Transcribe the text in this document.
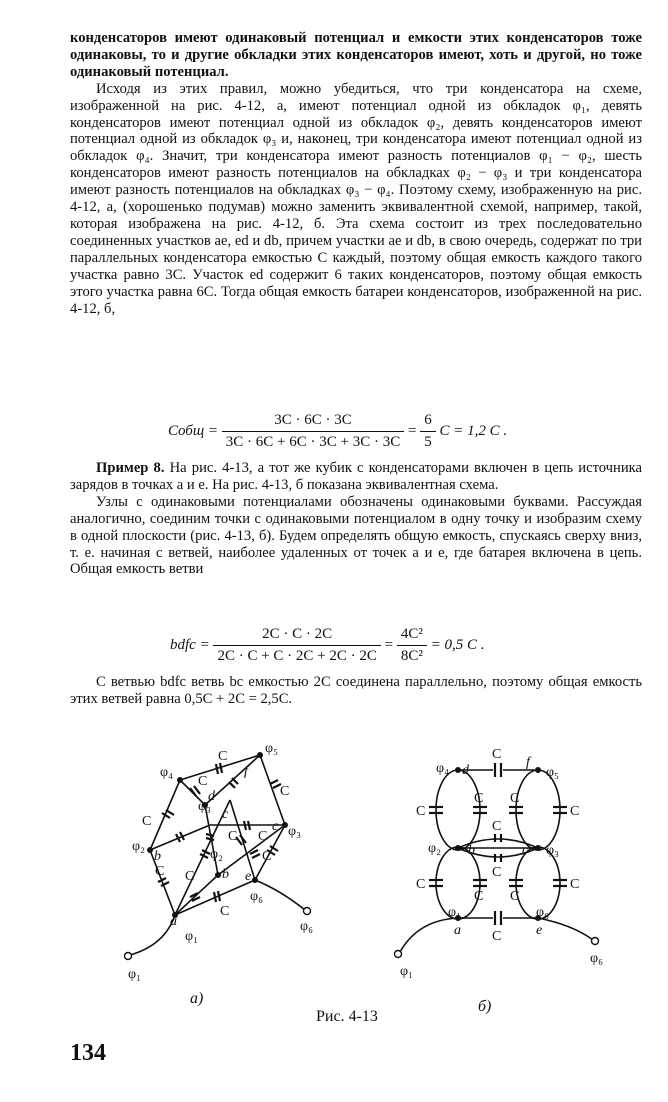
конденсаторов имеют одинаковый потенциал и емкости этих конденсаторов тоже одинаковы, то и другие обкладки этих конденсаторов имеют, хоть и другой, но тоже одинаковый потенциал.

Исходя из этих правил, можно убедиться, что три конденсатора на схеме, изображенной на рис. 4-12, а, имеют потенциал одной из обкладок φ₁, девять конденсаторов имеют потенциал одной из обкладок φ₂, девять конденсаторов имеют потенциал одной из обкладок φ₃ и, наконец, три конденсатора имеют потенциал одной из обкладок φ₄. Значит, три конденсатора имеют разность потенциалов φ₁ − φ₂, шесть конденсаторов имеют разность потенциалов на обкладках φ₂ − φ₃ и три конденсатора имеют разность потенциалов на обкладках φ₃ − φ₄. Поэтому схему, изображенную на рис. 4-12, а, (хорошенько подумав) можно заменить эквивалентной схемой, например, такой, которая изображена на рис. 4-12, б. Эта схема состоит из трех последовательно соединенных участков ae, ed и db, причем участки ae и db, в свою очередь, содержат по три параллельных конденсатора емкостью C каждый, поэтому общая емкость каждого такого участка равно 3C. Участок ed содержит 6 таких конденсаторов, поэтому общая емкость этого участка равна 6C. Тогда общая емкость батареи конденсаторов, изображенной на рис. 4-12, б,

Cобщ = $\frac{3C \cdot 6C \cdot 3C}{3C \cdot 6C + 6C \cdot 3C + 3C \cdot 3C} = \frac{6}{5}$ C = 1,2 C .

Пример 8. На рис. 4-13, а тот же кубик с конденсаторами включен в цепь источника зарядов в точках a и e. На рис. 4-13, б показана эквивалентная схема.

Узлы с одинаковыми потенциалами обозначены одинаковыми буквами. Рассуждая аналогично, соединим точки с одинаковыми потенциалом в одну точку и изобразим схему в одной плоскости (рис. 4-13, б). Будем определять общую емкость, спускаясь сверху вниз, т. е. начиная с ветвей, наиболее удаленных от точек a и e, где батарея включена в цепь. Общая емкость ветви

bdfc = $\frac{2C \cdot C \cdot 2C}{2C \cdot C + C \cdot 2C + 2C \cdot 2C} = \frac{\text{4C²}}{\text{8C²}} = 0,5$ C .

С ветвью bdfc ветвь bc емкостью 2C соединена параллельно, поэтому общая емкость этих ветвей равна 0,5C + 2C = 2,5C.

φ₅
φ₄
φ₂
φ₃
φ₂
φ₃
φ₆
φ₆
φ₁
φ₁
a
b
c
d
e
f
b
c
C
C
C
C
C
C
C
C
C
C
φ₄	φ₅
φ₂	φ₃
φ₁	φ₆
φ₁
φ₆
a
b	c
d
e
f
C
C
C
C C
C
C
C C
C
C
C
а)	б)
Рис. 4-13
134
